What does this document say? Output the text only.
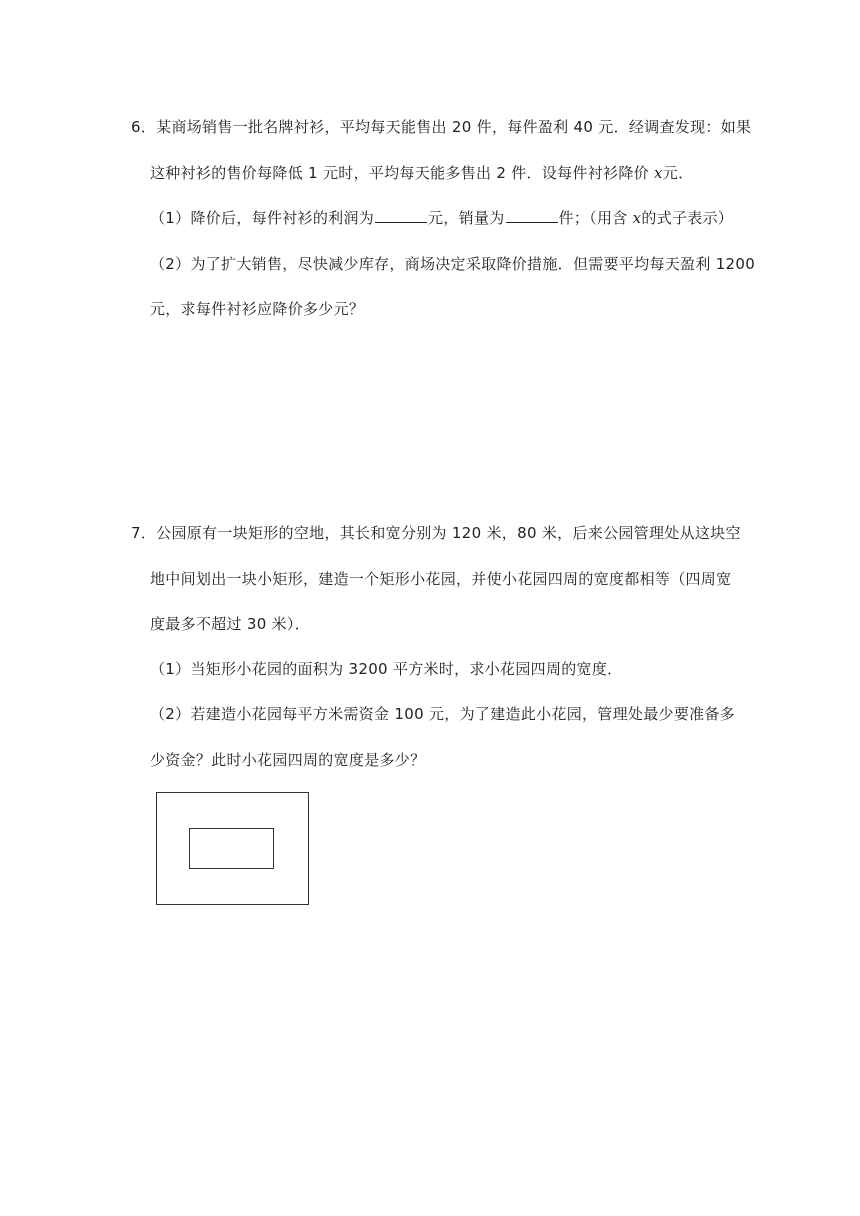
6．某商场销售一批名牌衬衫，平均每天能售出 20 件，每件盈利 40 元．经调查发现：如果
这种衬衫的售价每降低 1 元时，平均每天能多售出 2 件．设每件衬衫降价 x元．
（1）降价后，每件衬衫的利润为	元，销量为	件；（用含 x的式子表示）
（2）为了扩大销售，尽快减少库存，商场决定采取降价措施．但需要平均每天盈利 1200
元，求每件衬衫应降价多少元？
7．公园原有一块矩形的空地，其长和宽分别为 120 米，80 米，后来公园管理处从这块空
地中间划出一块小矩形，建造一个矩形小花园，并使小花园四周的宽度都相等（四周宽
度最多不超过 30 米）．
（1）当矩形小花园的面积为 3200 平方米时，求小花园四周的宽度．
（2）若建造小花园每平方米需资金 100 元，为了建造此小花园，管理处最少要准备多
少资金？此时小花园四周的宽度是多少？
